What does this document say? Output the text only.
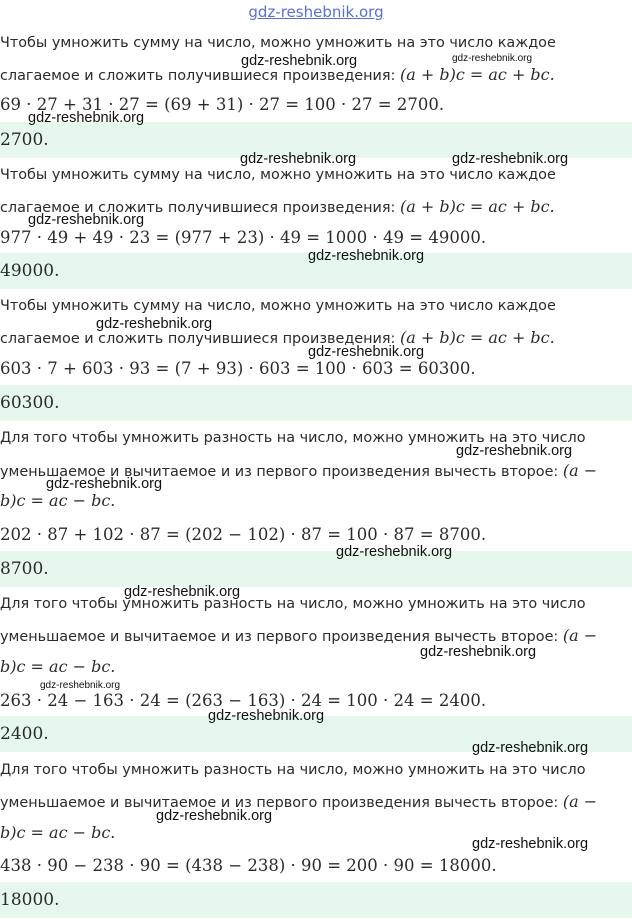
gdz-reshebnik.org
Чтобы умножить сумму на число, можно умножить на это число каждое
слагаемое и сложить получившиеся произведения: (a + b)c = ac + bc.
69 · 27 + 31 · 27 = (69 + 31) · 27 = 100 · 27 = 2700.
2700.
Чтобы умножить сумму на число, можно умножить на это число каждое
слагаемое и сложить получившиеся произведения: (a + b)c = ac + bc.
977 · 49 + 49 · 23 = (977 + 23) · 49 = 1000 · 49 = 49000.
49000.
Чтобы умножить сумму на число, можно умножить на это число каждое
слагаемое и сложить получившиеся произведения: (a + b)c = ac + bc.
603 · 7 + 603 · 93 = (7 + 93) · 603 = 100 · 603 = 60300.
60300.
Для того чтобы умножить разность на число, можно умножить на это число
уменьшаемое и вычитаемое и из первого произведения вычесть второе: (a −
b)c = ac − bc.
202 · 87 + 102 · 87 = (202 − 102) · 87 = 100 · 87 = 8700.
8700.
Для того чтобы умножить разность на число, можно умножить на это число
уменьшаемое и вычитаемое и из первого произведения вычесть второе: (a −
b)c = ac − bc.
263 · 24 − 163 · 24 = (263 − 163) · 24 = 100 · 24 = 2400.
2400.
Для того чтобы умножить разность на число, можно умножить на это число
уменьшаемое и вычитаемое и из первого произведения вычесть второе: (a −
b)c = ac − bc.
438 · 90 − 238 · 90 = (438 − 238) · 90 = 200 · 90 = 18000.
18000.
gdz-reshebnik.org	gdz-reshebnik.org
gdz-reshebnik.org
gdz-reshebnik.org	gdz-reshebnik.org
gdz-reshebnik.org
gdz-reshebnik.org
gdz-reshebnik.org
gdz-reshebnik.org
gdz-reshebnik.org
gdz-reshebnik.org
gdz-reshebnik.org
gdz-reshebnik.org
gdz-reshebnik.org
gdz-reshebnik.org
gdz-reshebnik.org
gdz-reshebnik.org
gdz-reshebnik.org
gdz-reshebnik.org
